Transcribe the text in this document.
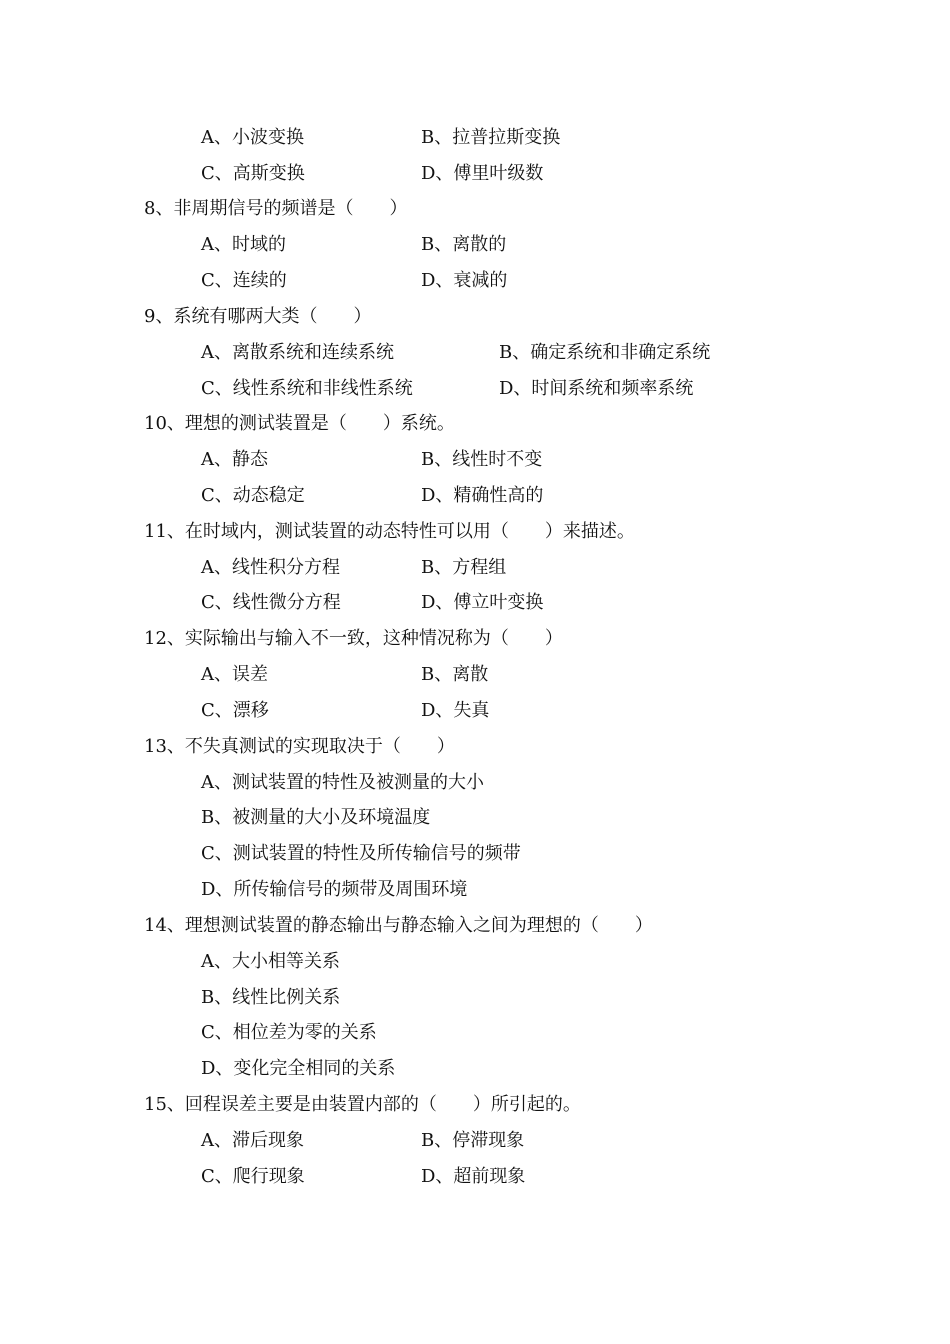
A、小波变换	B、拉普拉斯变换
C、高斯变换	D、傅里叶级数
8、非周期信号的频谱是（　　）
A、时域的	B、离散的
C、连续的	D、衰减的
9、系统有哪两大类（　　）
A、离散系统和连续系统	B、确定系统和非确定系统
C、线性系统和非线性系统	D、时间系统和频率系统
10、理想的测试装置是（　　）系统。
A、静态	B、线性时不变
C、动态稳定	D、精确性高的
11、在时域内，测试装置的动态特性可以用（　　）来描述。
A、线性积分方程	B、方程组
C、线性微分方程	D、傅立叶变换
12、实际输出与输入不一致，这种情况称为（　　）
A、误差	B、离散
C、漂移	D、失真
13、不失真测试的实现取决于（　　）
A、测试装置的特性及被测量的大小
B、被测量的大小及环境温度
C、测试装置的特性及所传输信号的频带
D、所传输信号的频带及周围环境
14、理想测试装置的静态输出与静态输入之间为理想的（　　）
A、大小相等关系
B、线性比例关系
C、相位差为零的关系
D、变化完全相同的关系
15、回程误差主要是由装置内部的（　　）所引起的。
A、滞后现象	B、停滞现象
C、爬行现象	D、超前现象
